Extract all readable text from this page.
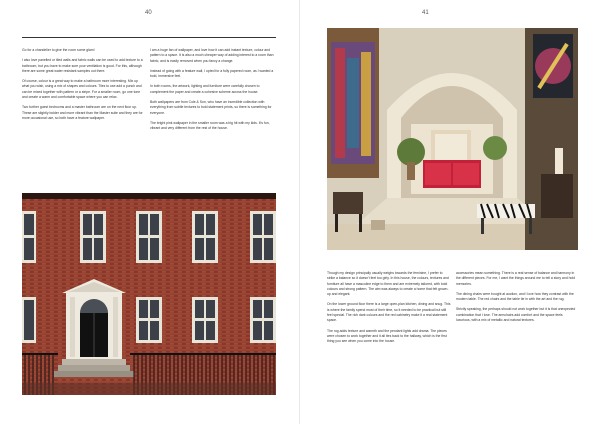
40

Go for a chandelier to give the room some glam!

I also love panelled or tiled walls and fabric walls can be used to add texture to a bathroom, but you have to make sure your ventilation is good. For this, although there are some great water resistant samples out there.

Of course, colour is a great way to make a bathroom more interesting. Mix up what you wish, using a mix of shapes and colours. Tiles to use add a punch and can be mixed together with pattern or a stripe. For a smaller room, go one tone and create a warm and comfortable space where you can relax.

Two further guest bedrooms and a master bathroom are on the next floor up. These are slightly bolder and more vibrant than the Master suite and they are for more occasional use, so both have a feature wallpaper.

I am a huge fan of wallpaper, and love how it can add instant texture, colour and pattern to a space. It is also a much cheaper way of adding interest to a room than fabric, and is easily removed when you fancy a change.

Instead of going with a feature wall, I opted for a fully papered room, as I wanted a bold, immersive feel.

In both rooms, the artwork, lighting and furniture were carefully chosen to complement the paper and create a cohesive scheme across the house.

Both wallpapers are from Cole & Son, who have an incredible collection with everything from subtle textures to bold statement prints, so there is something for everyone.

The bright pink wallpaper in the smaller room was a big hit with my kids. It's fun, vibrant and very different from the rest of the house.

41

Though my design principally usually weighs towards the feminine, I prefer to strike a balance so it doesn't feel too girly. In this house, the colours, textures and furniture all have a masculine edge to them and are extremely tailored, with bold colours and strong pattern. The aim was always to create a home that felt grown-up and elegant.

On the lower ground floor there is a large open-plan kitchen, dining and snug. This is where the family spend most of their time, so it needed to be practical but still feel special. The rich dark colours and the red cabinetry make it a real statement space.

The rug adds texture and warmth and the pendant lights add drama. The pieces were chosen to work together and it all ties back to the hallway, which is the first thing you see when you come into the house.

accessories mean something. There is a real sense of balance and harmony in the different pieces. For me, I want the things around me to tell a story and hold memories.

The dining chairs were bought at auction, and I love how they contrast with the modern table. The red chairs and the table tie in with the art and the rug.

Strictly speaking, the perhaps should not work together but it is that unexpected combination that I love. The armchairs add comfort and the space feels luxurious, with a mix of metallic and natural textures.
